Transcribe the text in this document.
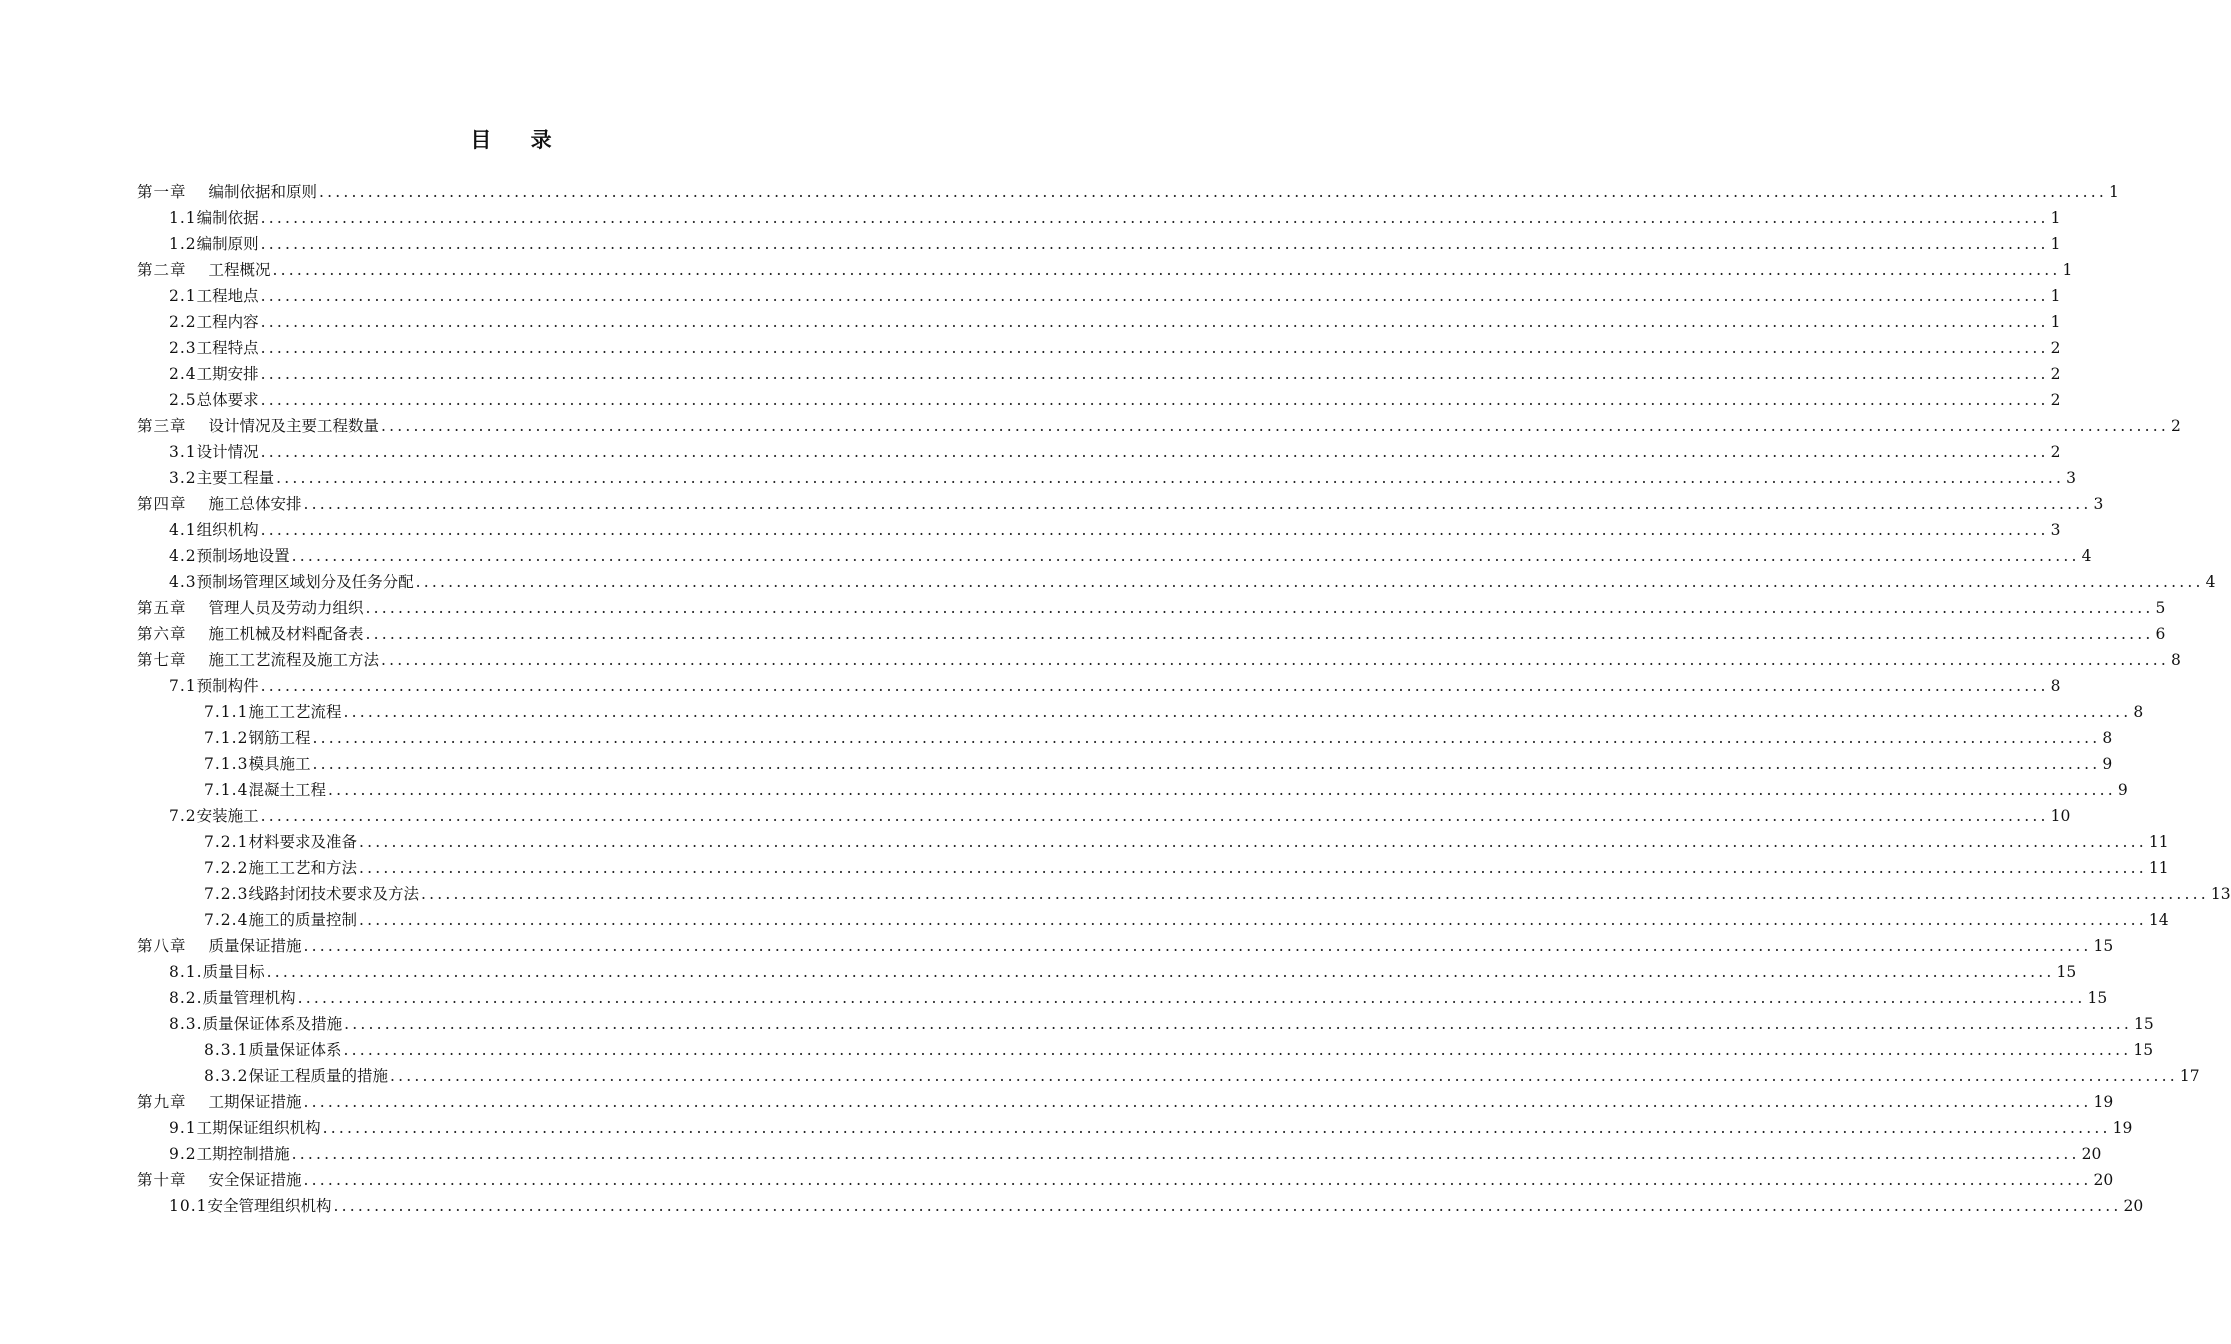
目 录
第一章 编制依据和原则 ............................................................................................................................................................................................................................ 1
1.1编制依据 ............................................................................................................................................................................................................................ 1
1.2编制原则 ............................................................................................................................................................................................................................ 1
第二章 工程概况 ............................................................................................................................................................................................................................ 1
2.1工程地点 ............................................................................................................................................................................................................................ 1
2.2工程内容 ............................................................................................................................................................................................................................ 1
2.3工程特点 ............................................................................................................................................................................................................................ 2
2.4工期安排 ............................................................................................................................................................................................................................ 2
2.5总体要求 ............................................................................................................................................................................................................................ 2
第三章 设计情况及主要工程数量 ............................................................................................................................................................................................................................ 2
3.1设计情况 ............................................................................................................................................................................................................................ 2
3.2主要工程量 ............................................................................................................................................................................................................................ 3
第四章 施工总体安排 ............................................................................................................................................................................................................................ 3
4.1组织机构 ............................................................................................................................................................................................................................ 3
4.2预制场地设置 ............................................................................................................................................................................................................................ 4
4.3预制场管理区域划分及任务分配 ............................................................................................................................................................................................................................ 4
第五章 管理人员及劳动力组织 ............................................................................................................................................................................................................................ 5
第六章 施工机械及材料配备表 ............................................................................................................................................................................................................................ 6
第七章 施工工艺流程及施工方法 ............................................................................................................................................................................................................................ 8
7.1预制构件 ............................................................................................................................................................................................................................ 8
7.1.1施工工艺流程 ............................................................................................................................................................................................................................ 8
7.1.2钢筋工程 ............................................................................................................................................................................................................................ 8
7.1.3模具施工 ............................................................................................................................................................................................................................ 9
7.1.4混凝土工程 ............................................................................................................................................................................................................................ 9
7.2安装施工 ............................................................................................................................................................................................................................ 10
7.2.1材料要求及准备 ............................................................................................................................................................................................................................ 11
7.2.2施工工艺和方法 ............................................................................................................................................................................................................................ 11
7.2.3线路封闭技术要求及方法 ............................................................................................................................................................................................................................ 13
7.2.4施工的质量控制 ............................................................................................................................................................................................................................ 14
第八章 质量保证措施 ............................................................................................................................................................................................................................ 15
8.1.质量目标 ............................................................................................................................................................................................................................ 15
8.2.质量管理机构 ............................................................................................................................................................................................................................ 15
8.3.质量保证体系及措施 ............................................................................................................................................................................................................................ 15
8.3.1质量保证体系 ............................................................................................................................................................................................................................ 15
8.3.2保证工程质量的措施 ............................................................................................................................................................................................................................ 17
第九章 工期保证措施 ............................................................................................................................................................................................................................ 19
9.1工期保证组织机构 ............................................................................................................................................................................................................................ 19
9.2工期控制措施 ............................................................................................................................................................................................................................ 20
第十章 安全保证措施 ............................................................................................................................................................................................................................ 20
10.1安全管理组织机构 ............................................................................................................................................................................................................................ 20
